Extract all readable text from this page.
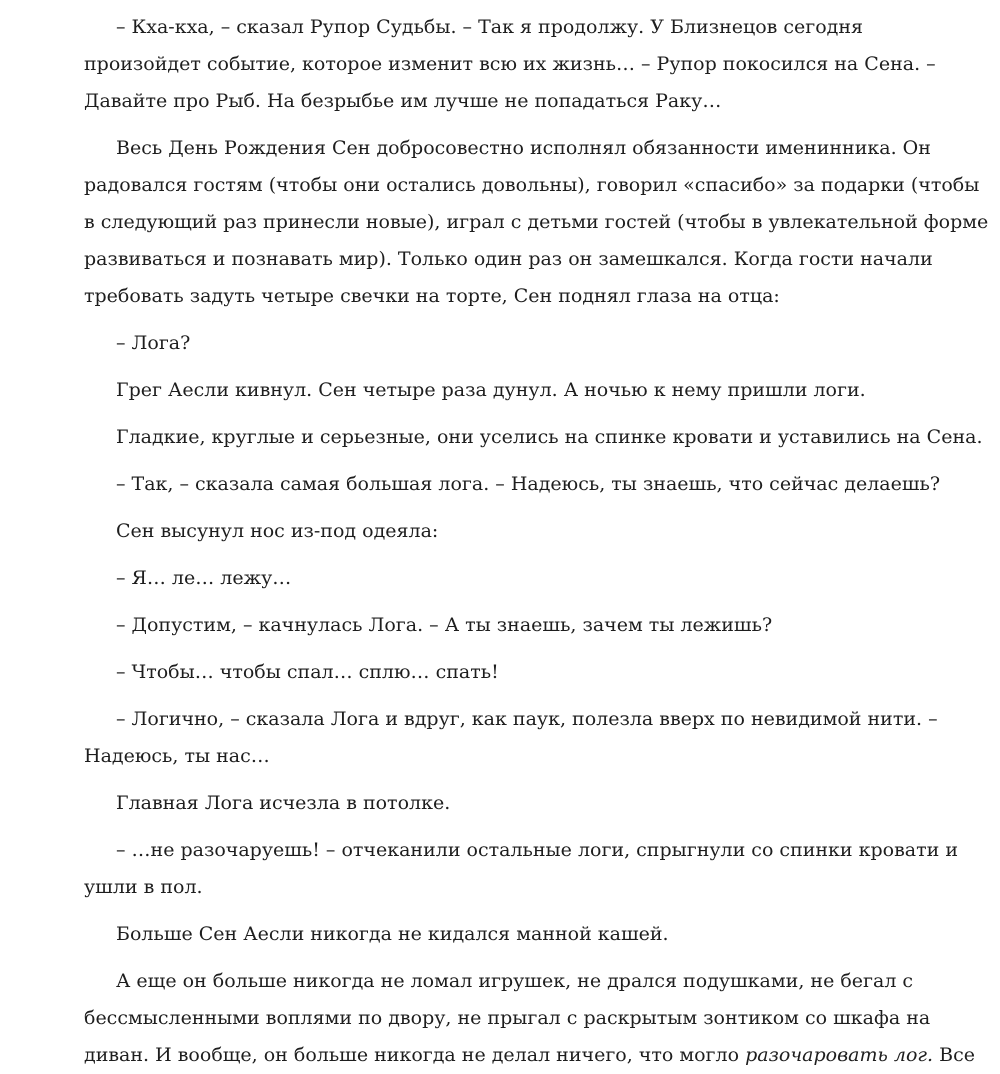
– Кха-кха, – сказал Рупор Судьбы. – Так я продолжу. У Близнецов сегодня
произойдет событие, которое изменит всю их жизнь… – Рупор покосился на Сена. –
Давайте про Рыб. На безрыбье им лучше не попадаться Раку…

Весь День Рождения Сен добросовестно исполнял обязанности именинника. Он
радовался гостям (чтобы они остались довольны), говорил «спасибо» за подарки (чтобы
в следующий раз принесли новые), играл с детьми гостей (чтобы в увлекательной форме
развиваться и познавать мир). Только один раз он замешкался. Когда гости начали
требовать задуть четыре свечки на торте, Сен поднял глаза на отца:

– Лога?

Грег Аесли кивнул. Сен четыре раза дунул. А ночью к нему пришли логи.

Гладкие, круглые и серьезные, они уселись на спинке кровати и уставились на Сена.

– Так, – сказала самая большая лога. – Надеюсь, ты знаешь, что сейчас делаешь?

Сен высунул нос из-под одеяла:

– Я… ле… лежу…

– Допустим, – качнулась Лога. – А ты знаешь, зачем ты лежишь?

– Чтобы… чтобы спал… сплю… спать!

– Логично, – сказала Лога и вдруг, как паук, полезла вверх по невидимой нити. –
Надеюсь, ты нас…

Главная Лога исчезла в потолке.

– …не разочаруешь! – отчеканили остальные логи, спрыгнули со спинки кровати и
ушли в пол.

Больше Сен Аесли никогда не кидался манной кашей.

А еще он больше никогда не ломал игрушек, не дрался подушками, не бегал с
бессмысленными воплями по двору, не прыгал с раскрытым зонтиком со шкафа на
диван. И вообще, он больше никогда не делал ничего, что могло разочаровать лог. Все
